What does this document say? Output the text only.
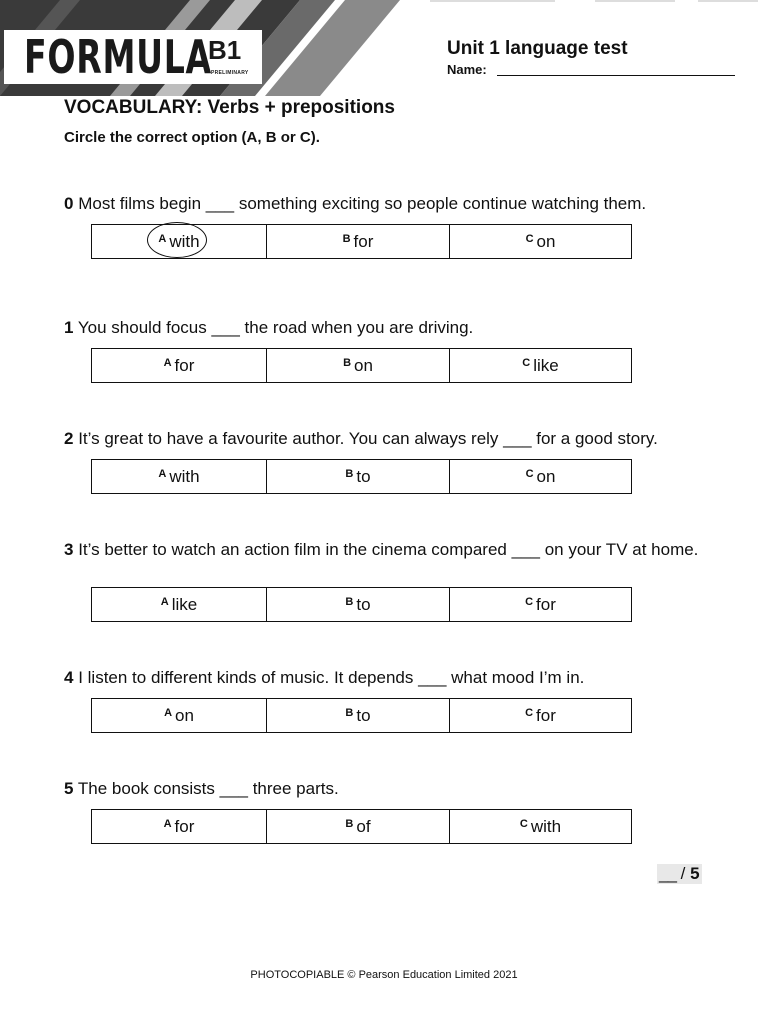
FORMULA
B1
PRELIMINARY
Unit 1 language test
Name:
VOCABULARY: Verbs + prepositions
Circle the correct option (A, B or C).
0 Most films begin ___ something exciting so people continue watching them.
A with	B for	C on
1 You should focus ___ the road when you are driving.
A for	B on	C like
2 It’s great to have a favourite author. You can always rely ___ for a good story.
A with	B to	C on
3 It’s better to watch an action film in the cinema compared ___ on your TV at home.
A like	B to	C for
4 I listen to different kinds of music. It depends ___ what mood I’m in.
A on	B to	C for
5 The book consists ___ three parts.
A for	B of	C with
__ / 5
PHOTOCOPIABLE © Pearson Education Limited 2021
